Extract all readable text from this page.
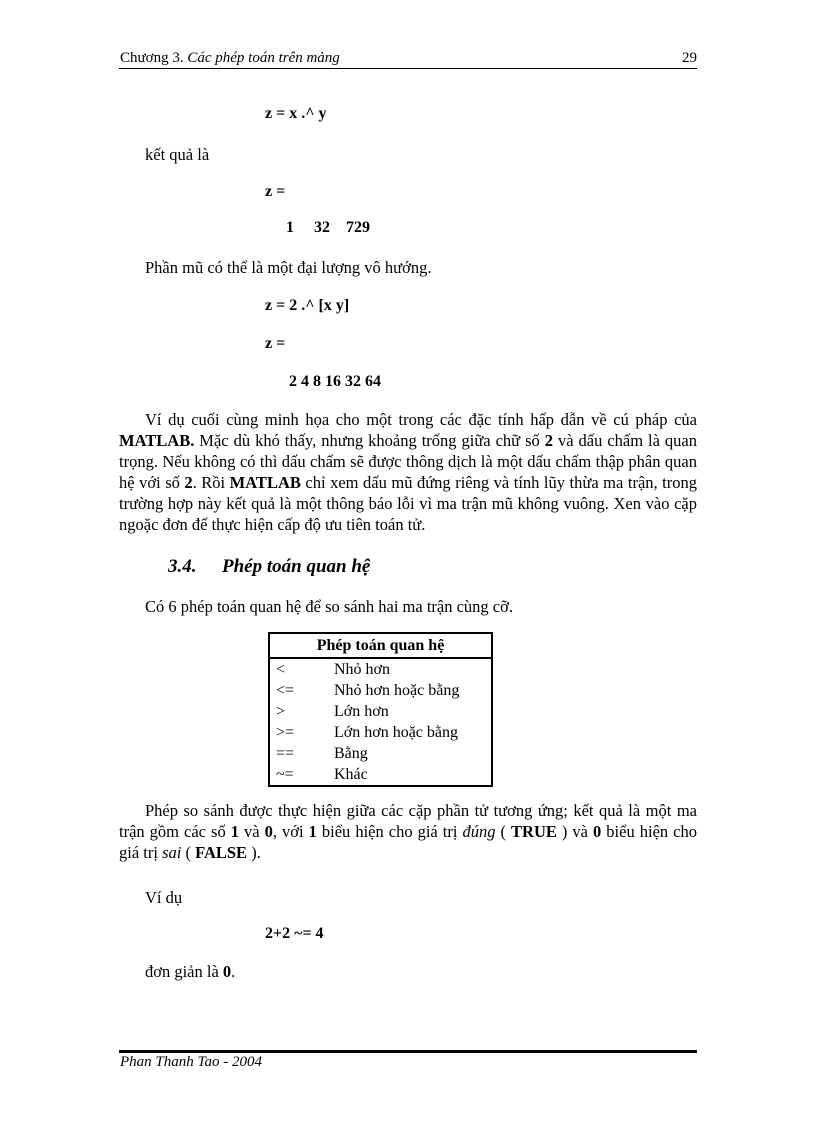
Chương 3. Các phép toán trên mảng	29
z = x .^ y
kết quả là
z =
1     32    729
Phần mũ có thể là một đại lượng vô hướng.
z = 2 .^ [x y]
z =
2 4 8 16 32 64
Ví dụ cuối cùng minh họa cho một trong các đặc tính hấp dẫn về cú pháp của MATLAB. Mặc dù khó thấy, nhưng khoảng trống giữa chữ số 2 và dấu chấm là quan trọng. Nếu không có thì dấu chấm sẽ được thông dịch là một dấu chấm thập phân quan hệ với số 2. Rồi MATLAB chỉ xem dấu mũ đứng riêng và tính lũy thừa ma trận, trong trường hợp này kết quả là một thông báo lỗi vì ma trận mũ không vuông. Xen vào cặp ngoặc đơn để thực hiện cấp độ ưu tiên toán tử.
3.4. Phép toán quan hệ
Có 6 phép toán quan hệ để so sánh hai ma trận cùng cỡ.
Phép toán quan hệ	
<	Nhỏ hơn
<=	Nhỏ hơn hoặc bằng
>	Lớn hơn
>=	Lớn hơn hoặc bằng
==	Bằng
~=	Khác
Phép so sánh được thực hiện giữa các cặp phần tử tương ứng; kết quả là một ma trận gồm các số 1 và 0, với 1 biểu hiện cho giá trị đúng ( TRUE ) và 0 biểu hiện cho giá trị sai ( FALSE ).
Ví dụ
2+2 ~= 4
đơn giản là 0.
Phan Thanh Tao - 2004
